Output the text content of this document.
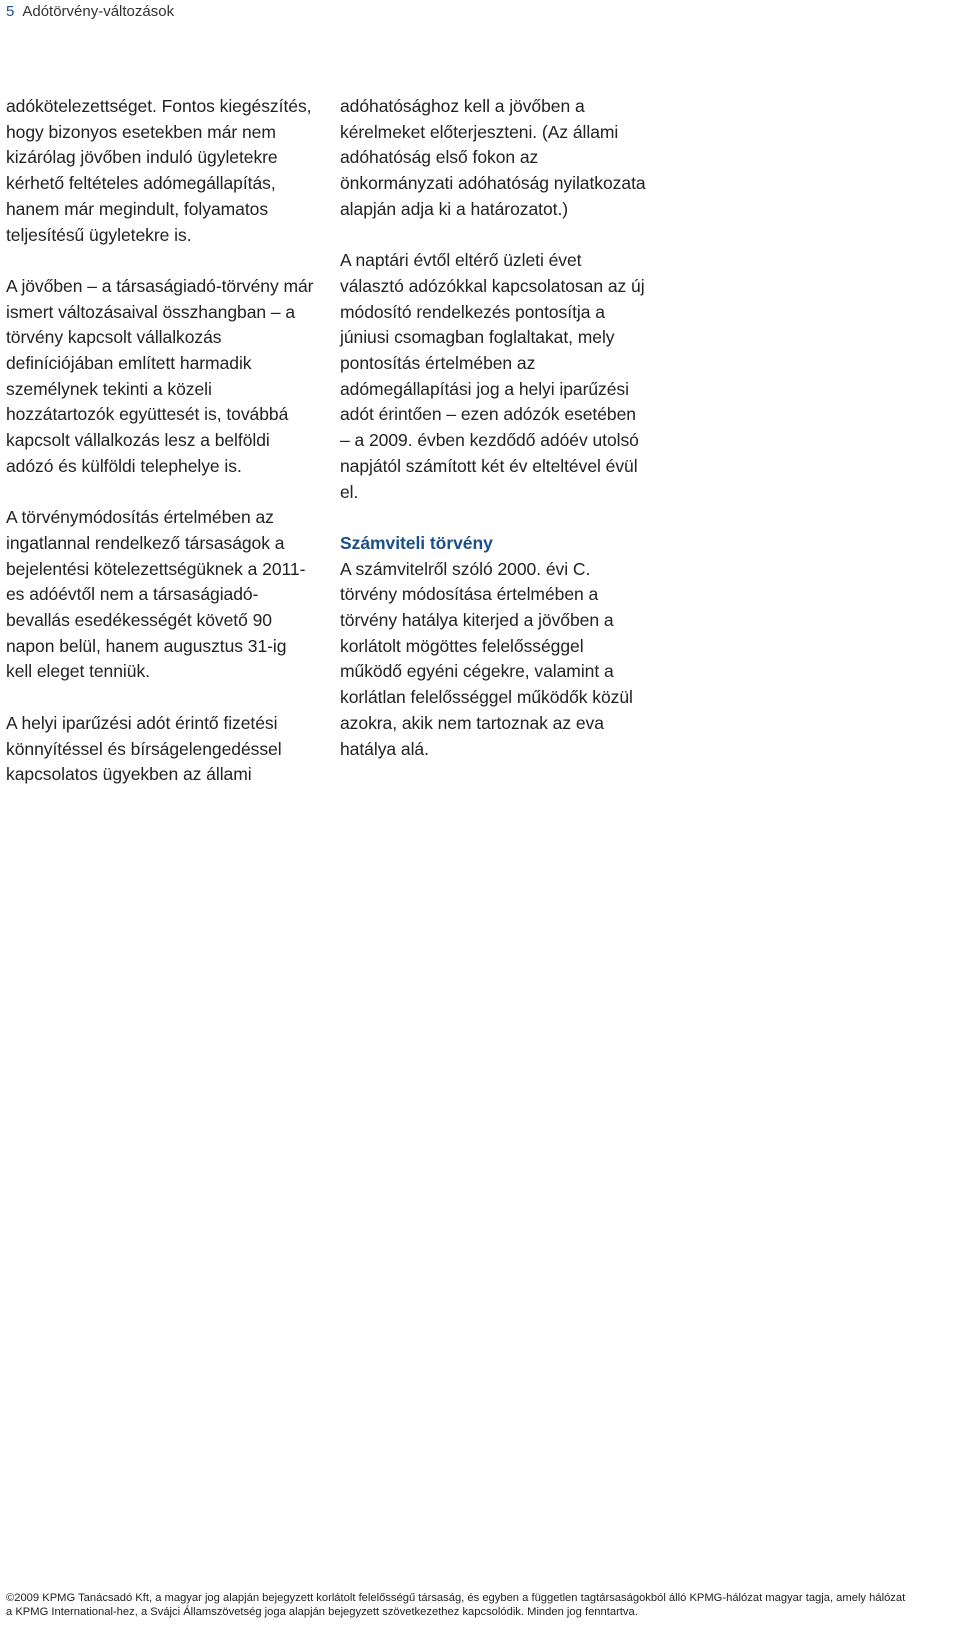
5 Adótörvény-változások

adókötelezettséget. Fontos kiegészítés,
hogy bizonyos esetekben már nem
kizárólag jövőben induló ügyletekre
kérhető feltételes adómegállapítás,
hanem már megindult, folyamatos
teljesítésű ügyletekre is.

A jövőben – a társaságiadó-törvény már
ismert változásaival összhangban – a
törvény kapcsolt vállalkozás
definíciójában említett harmadik
személynek tekinti a közeli
hozzátartozók együttesét is, továbbá
kapcsolt vállalkozás lesz a belföldi
adózó és külföldi telephelye is.

A törvénymódosítás értelmében az
ingatlannal rendelkező társaságok a
bejelentési kötelezettségüknek a 2011-
es adóévtől nem a társaságiadó-
bevallás esedékességét követő 90
napon belül, hanem augusztus 31-ig
kell eleget tenniük.

A helyi iparűzési adót érintő fizetési
könnyítéssel és bírságelengedéssel
kapcsolatos ügyekben az állami

adóhatósághoz kell a jövőben a
kérelmeket előterjeszteni. (Az állami
adóhatóság első fokon az
önkormányzati adóhatóság nyilatkozata
alapján adja ki a határozatot.)

A naptári évtől eltérő üzleti évet
választó adózókkal kapcsolatosan az új
módosító rendelkezés pontosítja a
júniusi csomagban foglaltakat, mely
pontosítás értelmében az
adómegállapítási jog a helyi iparűzési
adót érintően – ezen adózók esetében
– a 2009. évben kezdődő adóév utolsó
napjától számított két év elteltével évül el.

Számviteli törvény

A számvitelről szóló 2000. évi C.
törvény módosítása értelmében a
törvény hatálya kiterjed a jövőben a
korlátolt mögöttes felelősséggel
működő egyéni cégekre, valamint a
korlátlan felelősséggel működők közül
azokra, akik nem tartoznak az eva
hatálya alá.

©2009 KPMG Tanácsadó Kft, a magyar jog alapján bejegyzett korlátolt felelősségű társaság, és egyben a független tagtársaságokból álló KPMG-hálózat magyar tagja, amely hálózat
a KPMG International-hez, a Svájci Államszövetség joga alapján bejegyzett szövetkezethez kapcsolódik. Minden jog fenntartva.
